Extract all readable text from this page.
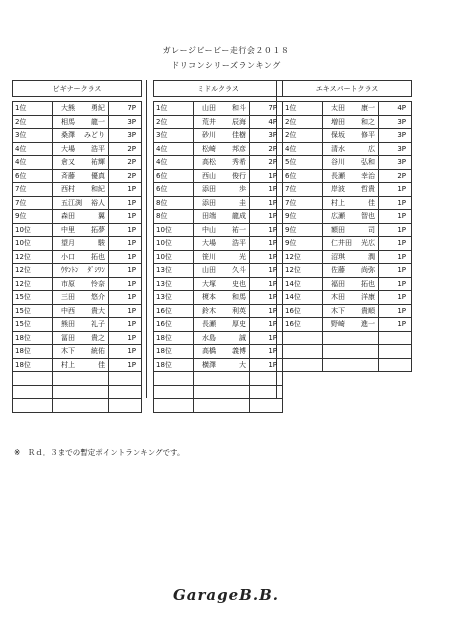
ガレージビービー走行会２０１８
ドリコンシリーズランキング
ビギナークラス		

1位	大熊 勇紀	7P
2位	相馬 龍一	3P
3位	桑澤 みどり	3P
4位	大場 浩平	2P
4位	倉又 祐輝	2P
6位	斉藤 優真	2P
7位	西村 和紀	1P
7位	五江渕 裕人	1P
9位	森田 翼	1P
10位	中里 拓夢	1P
10位	望月 駿	1P
12位	小口 拓也	1P
12位	ｳｻﾝﾄﾝ ﾀﾞｼﾜﾝ	1P
12位	市原 怜奈	1P
15位	三田 悠介	1P
15位	中西 貴大	1P
15位	熊田 礼子	1P
18位	冨田 貴之	1P
18位	木下 統佑	1P
18位	村上 佳	1P

ミドルクラス		

1位	山田 和斗	7P
2位	荒井 辰海	4P
3位	砂川 佳樹	3P
4位	松崎 邦彦	2P
4位	高松 秀希	2P
6位	西山 俊行	1P
6位	添田 歩	1P
8位	添田 圭	1P
8位	田端 龍成	1P
10位	中山 祐一	1P
10位	大場 浩平	1P
10位	笹川 光	1P
13位	山田 久斗	1P
13位	大塚 史也	1P
13位	榎本 和馬	1P
16位	鈴木 利英	1P
16位	長瀬 厚史	1P
18位	水島 誠	1P
18位	高橋 義博	1P
18位	横澤 大	1P

エキスパートクラス		

1位	太田 康一	4P
2位	増田 和之	3P
2位	保坂 修平	3P
4位	清水 広	3P
5位	谷川 弘和	3P
6位	長瀬 幸治	2P
7位	岸波 哲貴	1P
7位	村上 佳	1P
9位	広瀬 智也	1P
9位	額田 司	1P
9位	仁井田 光広	1P
12位	沼琪 潤	1P
12位	佐藤 尚弥	1P
14位	褔田 拓也	1P
14位	木田 洋康	1P
16位	木下 貴順	1P
16位	野崎 進一	1P

※　Ｒｄ．３までの暫定ポイントランキングです。
GarageB.B.
